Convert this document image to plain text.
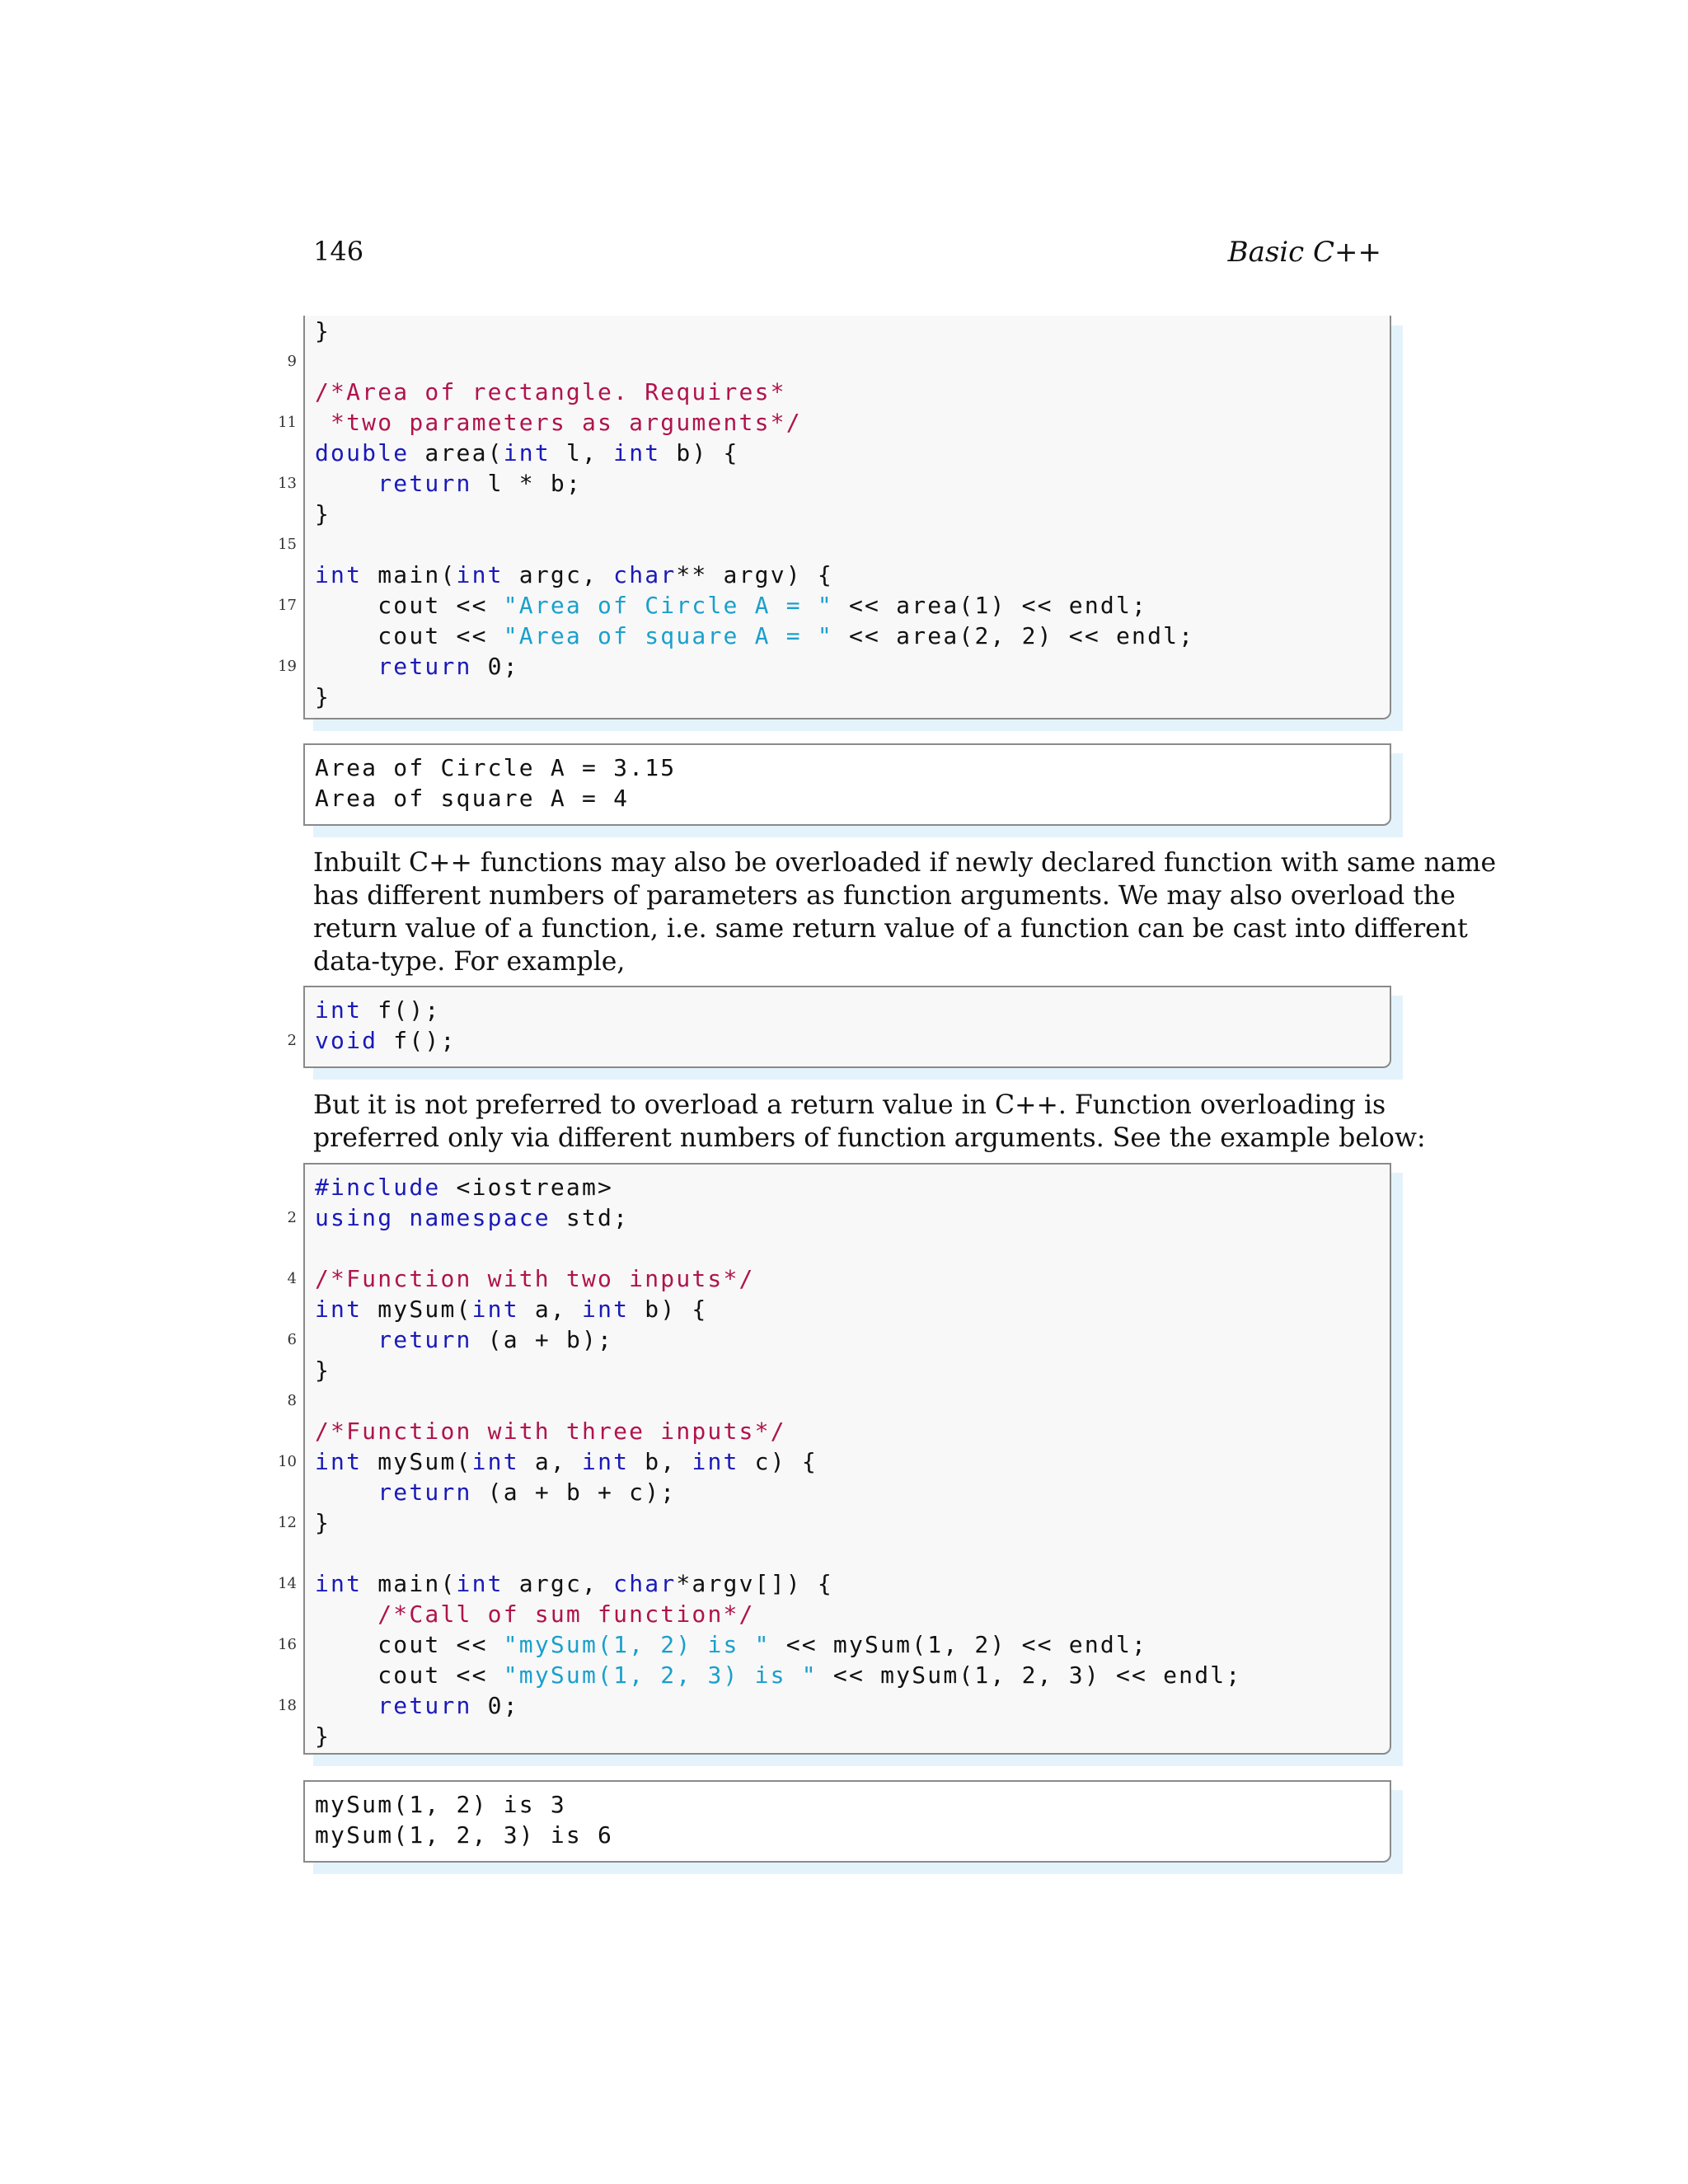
146	Basic C++
}
9
/*Area of rectangle. Requires*
11 *two parameters as arguments*/
double area(int l, int b) {
13	return l * b;
}
15
int main(int argc, char** argv) {
17 cout << "Area of Circle A = " << area(1) << endl;
cout << "Area of square A = " << area(2, 2) << endl;
19	return 0;
}
Area of Circle A = 3.15
Area of square A = 4
Inbuilt C++ functions may also be overloaded if newly declared function with same name
has different numbers of parameters as function arguments. We may also overload the
return value of a function, i.e. same return value of a function can be cast into different
data-type. For example,
int f();
2 void f();
But it is not preferred to overload a return value in C++. Function overloading is
preferred only via different numbers of function arguments. See the example below:
#include <iostream>
2 using namespace std;
4 /*Function with two inputs*/
int mySum(int a, int b) {
6	return (a + b);
}
8
/*Function with three inputs*/
10 int mySum(int a, int b, int c) {
return (a + b + c);
12 }
14 int main(int argc, char*argv[]) {
/*Call of sum function*/
16 cout << "mySum(1, 2) is " << mySum(1, 2) << endl;
cout << "mySum(1, 2, 3) is " << mySum(1, 2, 3) << endl;
18	return 0;
}
mySum(1, 2) is 3
mySum(1, 2, 3) is 6
